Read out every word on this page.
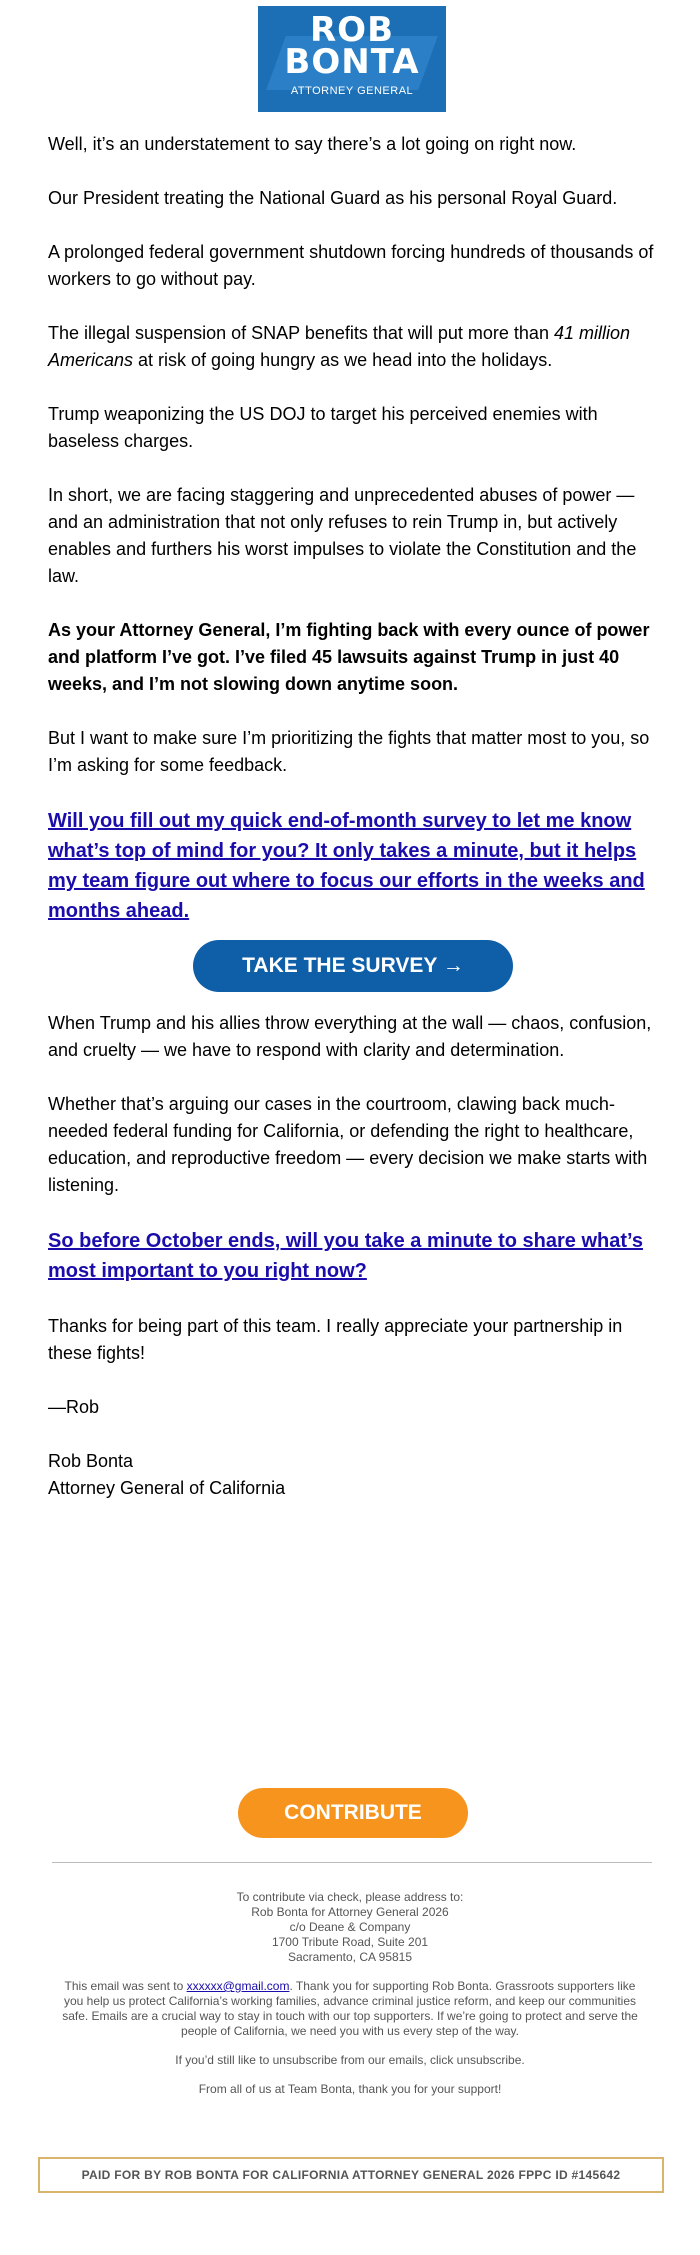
ROB
BONTA
ATTORNEY GENERAL

Well, it’s an understatement to say there’s a lot going on right now.

Our President treating the National Guard as his personal Royal Guard.

A prolonged federal government shutdown forcing hundreds of thousands of workers to go without pay.

The illegal suspension of SNAP benefits that will put more than 41 million Americans at risk of going hungry as we head into the holidays.

Trump weaponizing the US DOJ to target his perceived enemies with baseless charges.

In short, we are facing staggering and unprecedented abuses of power — and an administration that not only refuses to rein Trump in, but actively enables and furthers his worst impulses to violate the Constitution and the law.

As your Attorney General, I’m fighting back with every ounce of power and platform I’ve got. I’ve filed 45 lawsuits against Trump in just 40 weeks, and I’m not slowing down anytime soon.

But I want to make sure I’m prioritizing the fights that matter most to you, so I’m asking for some feedback.

Will you fill out my quick end-of-month survey to let me know what’s top of mind for you? It only takes a minute, but it helps my team figure out where to focus our efforts in the weeks and months ahead.

TAKE THE SURVEY →

When Trump and his allies throw everything at the wall — chaos, confusion, and cruelty — we have to respond with clarity and determination.

Whether that’s arguing our cases in the courtroom, clawing back much-needed federal funding for California, or defending the right to healthcare, education, and reproductive freedom — every decision we make starts with listening.

So before October ends, will you take a minute to share what’s most important to you right now?

Thanks for being part of this team. I really appreciate your partnership in these fights!

—Rob

Rob Bonta

Attorney General of California

CONTRIBUTE

To contribute via check, please address to:
Rob Bonta for Attorney General 2026
c/o Deane & Company
1700 Tribute Road, Suite 201
Sacramento, CA 95815

This email was sent to xxxxxx@gmail.com. Thank you for supporting Rob Bonta. Grassroots supporters like you help us protect California’s working families, advance criminal justice reform, and keep our communities safe. Emails are a crucial way to stay in touch with our top supporters. If we’re going to protect and serve the people of California, we need you with us every step of the way.

If you’d still like to unsubscribe from our emails, click unsubscribe.

From all of us at Team Bonta, thank you for your support!

PAID FOR BY ROB BONTA FOR CALIFORNIA ATTORNEY GENERAL 2026 FPPC ID #145642
